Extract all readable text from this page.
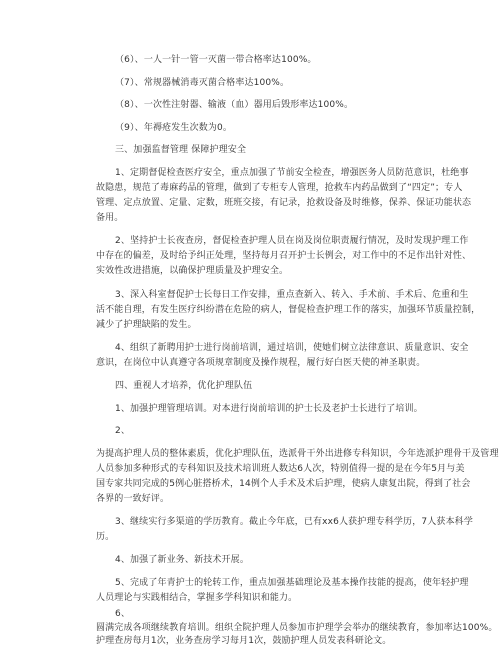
（6）、一人一针一管一灭菌一带合格率达100%。
（7）、常规器械消毒灭菌合格率达100%。
（8）、一次性注射器、输液（血）器用后毁形率达100%。
（9）、年褥疮发生次数为0。
三、加强监督管理 保障护理安全
1、定期督促检查医疗安全，重点加强了节前安全检查，增强医务人员防范意识，杜绝事
故隐患，规范了毒麻药品的管理，做到了专柜专人管理，抢救车内药品做到了“四定”；专人
管理、定点放置、定量、定数，班班交接，有记录，抢救设备及时维修，保养、保证功能状态
备用。
2、坚持护士长夜查房，督促检查护理人员在岗及岗位职责履行情况，及时发现护理工作
中存在的偏差，及时给予纠正处理，坚持每月召开护士长例会，对工作中的不足作出针对性、
实效性改进措施，以确保护理质量及护理安全。
3、深入科室督促护士长每日工作安排，重点查新入、转入、手术前、手术后、危重和生
活不能自理，有发生医疗纠纷潜在危险的病人，督促检查护理工作的落实，加强环节质量控制，
减少了护理缺陷的发生。
4、组织了新聘用护士进行岗前培训，通过培训，使她们树立法律意识、质量意识、安全
意识，在岗位中认真遵守各项规章制度及操作规程，履行好白医天使的神圣职责。
四、重视人才培养，优化护理队伍
1、加强护理管理培训。对本进行岗前培训的护士长及老护士长进行了培训。
2、
为提高护理人员的整体素质，优化护理队伍，选派骨干外出进修专科知识，今年选派护理骨干及管理
人员参加多种形式的专科知识及技术培训班人数达6人次，特别值得一提的是在今年5月与美
国专家共同完成的5例心脏搭桥术，14例个人手术及术后护理，使病人康复出院，得到了社会
各界的一致好评。
3、继续实行多渠道的学历教育。截止今年底，已有xx6人获护理专科学历，7人获本科学
历。
4、加强了新业务、新技术开展。
5、完成了年青护士的轮转工作，重点加强基础理论及基本操作技能的提高，使年轻护理
人员理论与实践相结合，掌握多学科知识和能力。
6、
圆满完成各项继续教育培训。组织全院护理人员参加市护理学会举办的继续教育，参加率达100%。
护理查房每月1次，业务查房学习每月1次，鼓励护理人员发表科研论文。
